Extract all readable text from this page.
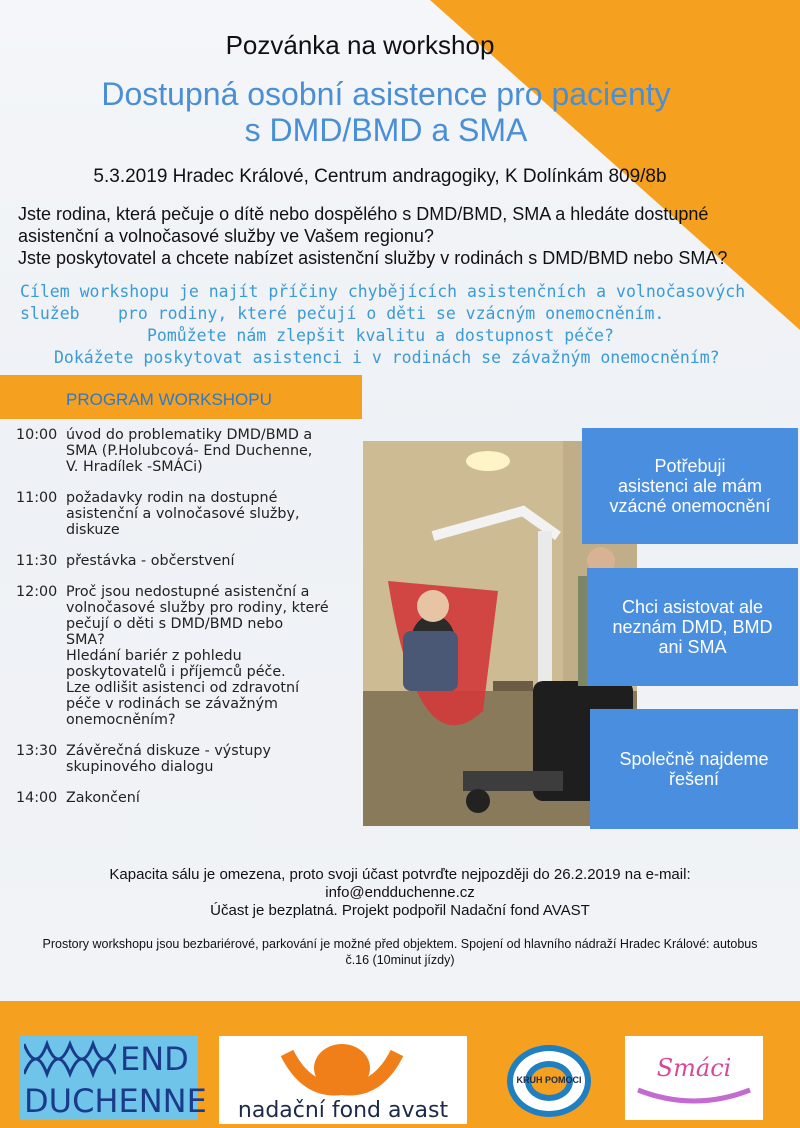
Pozvánka na workshop
Dostupná osobní asistence pro pacienty
s DMD/BMD a SMA
5.3.2019 Hradec Králové, Centrum andragogiky, K Dolínkám 809/8b
Jste rodina, která pečuje o dítě nebo dospělého s DMD/BMD, SMA a hledáte dostupné
asistenční a volnočasové služby ve Vašem regionu?
Jste poskytovatel a chcete nabízet asistenční služby v rodinách s DMD/BMD nebo SMA?
Cílem workshopu je najít příčiny chybějících asistenčních a volnočasových služeb	pro rodiny, které pečují o děti se vzácným onemocněním.
Pomůžete nám zlepšit kvalitu a dostupnost péče?
Dokážete poskytovat asistenci i v rodinách se závažným onemocněním?
PROGRAM WORKSHOPU
10:00 úvod do problematiky DMD/BMD a
SMA (P.Holubcová- End Duchenne,
V. Hradílek -SMÁCi)
11:00 požadavky rodin na dostupné
asistenční a volnočasové služby,
diskuze
11:30 přestávka - občerstvení
12:00 Proč jsou nedostupné asistenční a
volnočasové služby pro rodiny, které
pečují o děti s DMD/BMD nebo
SMA?
Hledání bariér z pohledu
poskytovatelů i příjemců péče.
Lze odlišit asistenci od zdravotní
péče v rodinách se závažným
onemocněním?
13:30 Závěrečná diskuze - výstupy
skupinového dialogu
14:00 Zakončení
Potřebuji
asistenci ale mám
vzácné onemocnění
Chci asistovat ale
neznám DMD, BMD
ani SMA
Společně najdeme
řešení
Kapacita sálu je omezena, proto svoji účast potvrďte nejpozději do 26.2.2019 na e-mail:
info@endduchenne.cz
Účast je bezplatná. Projekt podpořil Nadační fond AVAST
Prostory workshopu jsou bezbariérové, parkování je možné před objektem. Spojení od hlavního nádraží Hradec Králové: autobus
č.16 (10minut jízdy)
END
DUCHENNE	nadační fond avast
KRUH POMOCI	Smáci
